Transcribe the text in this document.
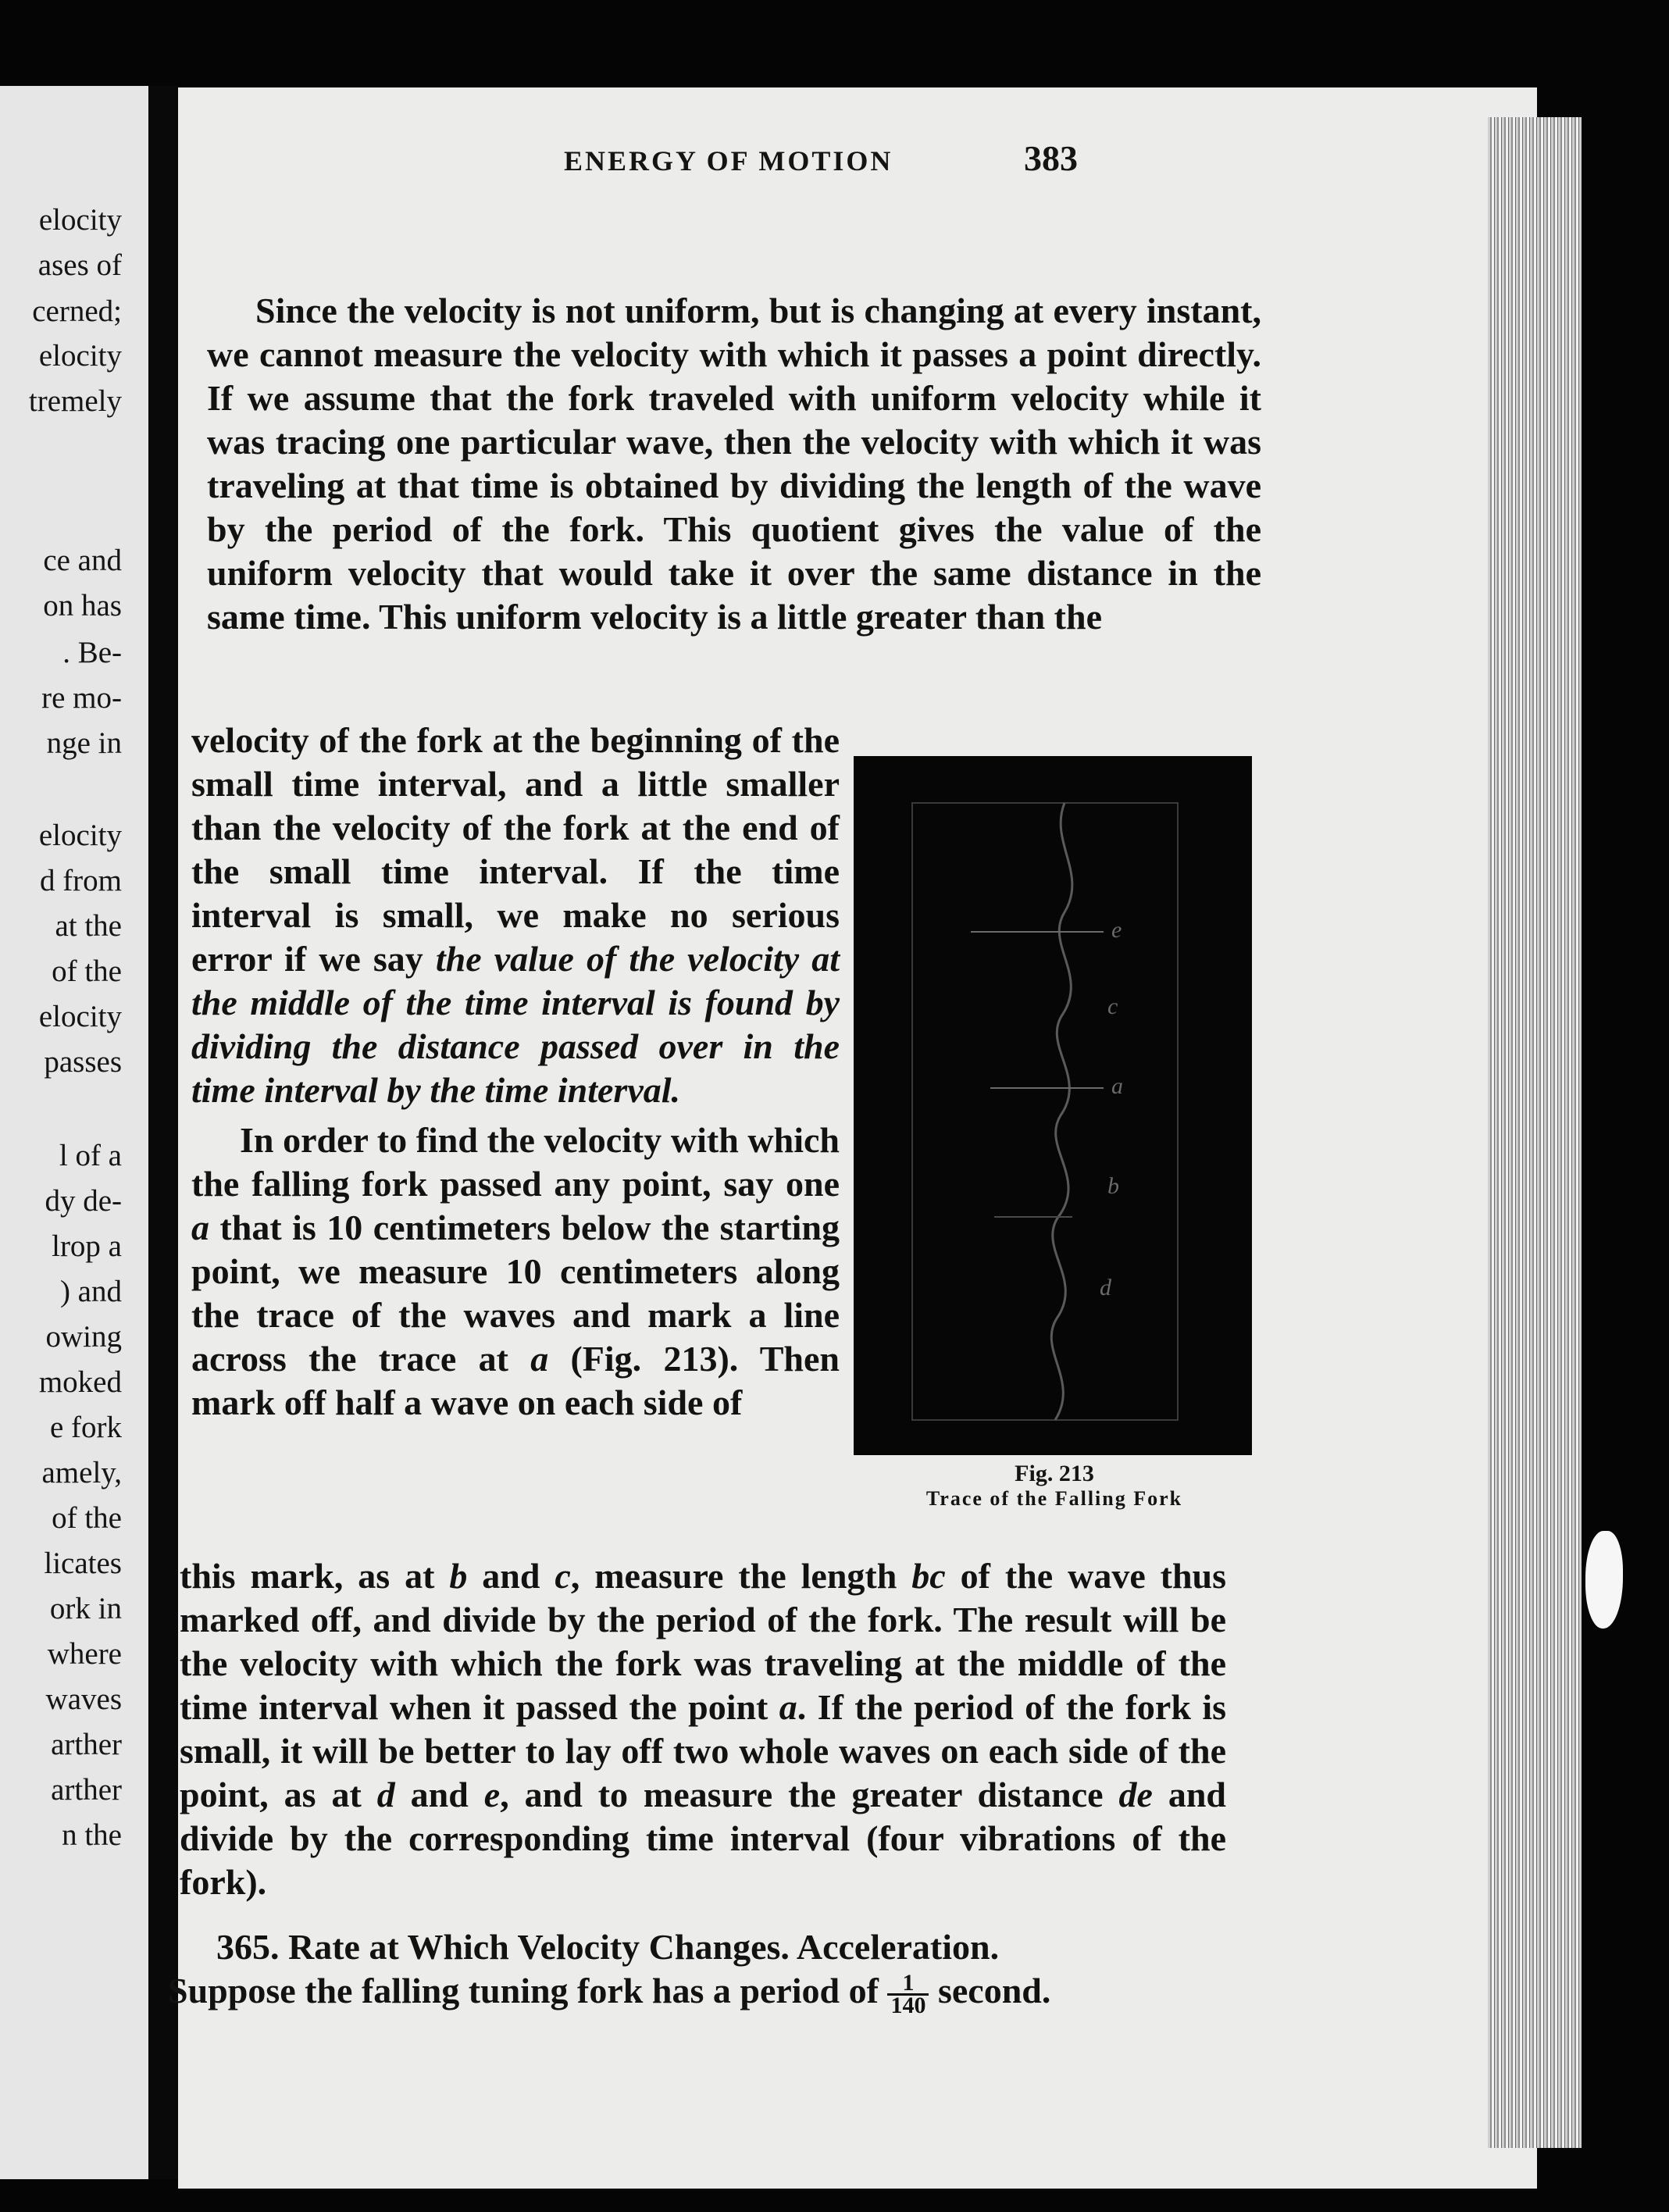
elocity
ases of
cerned;
elocity
tremely
ce and
on has
. Be-
re mo-
nge in
elocity
d from
at the
of the
elocity
passes
l of a
dy de-
lrop a
) and
owing
moked
e fork
amely,
of the
licates
ork in
where
waves
arther
arther
n the
ENERGY OF MOTION	383

Since the velocity is not uniform, but is changing at every instant, we cannot measure the velocity with which it passes a point directly. If we assume that the fork traveled with uniform velocity while it was tracing one particular wave, then the velocity with which it was traveling at that time is obtained by dividing the length of the wave by the period of the fork. This quotient gives the value of the uniform velocity that would take it over the same distance in the same time. This uniform velocity is a little greater than the

velocity of the fork at the beginning of the small time interval, and a little smaller than the velocity of the fork at the end of the small time interval. If the time interval is small, we make no serious error if we say the value of the velocity at the middle of the time interval is found by dividing the distance passed over in the time interval by the time interval.

In order to find the velocity with which the falling fork passed any point, say one a that is 10 centimeters below the starting point, we measure 10 centimeters along the trace of the waves and mark a line across the trace at a (Fig. 213). Then mark off half a wave on each side of

e
c
a
b
d
Fig. 213
Trace of the Falling Fork

this mark, as at b and c, measure the length bc of the wave thus marked off, and divide by the period of the fork. The result will be the velocity with which the fork was traveling at the middle of the time interval when it passed the point a. If the period of the fork is small, it will be better to lay off two whole waves on each side of the point, as at d and e, and to measure the greater distance de and divide by the corresponding time interval (four vibrations of the fork).

365. Rate at Which Velocity Changes. Acceleration.

Suppose the falling tuning fork has a period of $\frac{1}{140}$ second.
